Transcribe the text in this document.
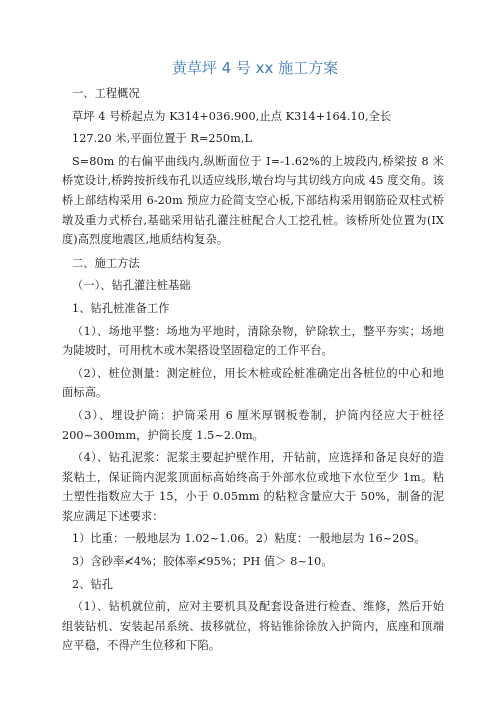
黄草坪 4 号 xx 施工方案

一、工程概况

草坪 4 号桥起点为 K314+036.900,止点 K314+164.10,全长

127.20 米,平面位置于 R=250m,L

S=80m 的右偏平曲线内,纵断面位于 I=-1.62%的上坡段内,桥梁按 8 米桥宽设计,桥跨按折线布孔以适应线形,墩台均与其切线方向成 45 度交角。该桥上部结构采用 6-20m 预应力砼简支空心板,下部结构采用钢筋砼双柱式桥墩及重力式桥台,基础采用钻孔灌注桩配合人工挖孔桩。该桥所处位置为(IX 度)高烈度地震区,地质结构复杂。

二、施工方法

（一）、钻孔灌注桩基础

1、钻孔桩准备工作

（1）、场地平整：场地为平地时，清除杂物，铲除软土，整平夯实；场地为陡坡时，可用枕木或木架搭设坚固稳定的工作平台。

（2）、桩位测量：测定桩位，用长木桩或砼桩准确定出各桩位的中心和地面标高。

（3）、埋设护筒：护筒采用 6 厘米厚钢板卷制，护筒内径应大于桩径 200~300mm，护筒长度 1.5~2.0m。

（4）、钻孔泥浆：泥浆主要起护壁作用，开钻前，应选择和备足良好的造浆粘土，保证筒内泥浆顶面标高始终高于外部水位或地下水位至少 1m。粘土塑性指数应大于 15，小于 0.05mm 的粘粒含量应大于 50%，制备的泥浆应满足下述要求：

1）比重：一般地层为 1.02~1.06。2）粘度：一般地层为 16~20S。

3）含砂率≮4%；胶体率≮95%；PH 值＞ 8~10。

2、钻孔

（1）、钻机就位前，应对主要机具及配套设备进行检查、维修，然后开始组装钻机、安装起吊系统、拔移就位，将钻锥徐徐放入护筒内，底座和顶端应平稳，不得产生位移和下陷。
